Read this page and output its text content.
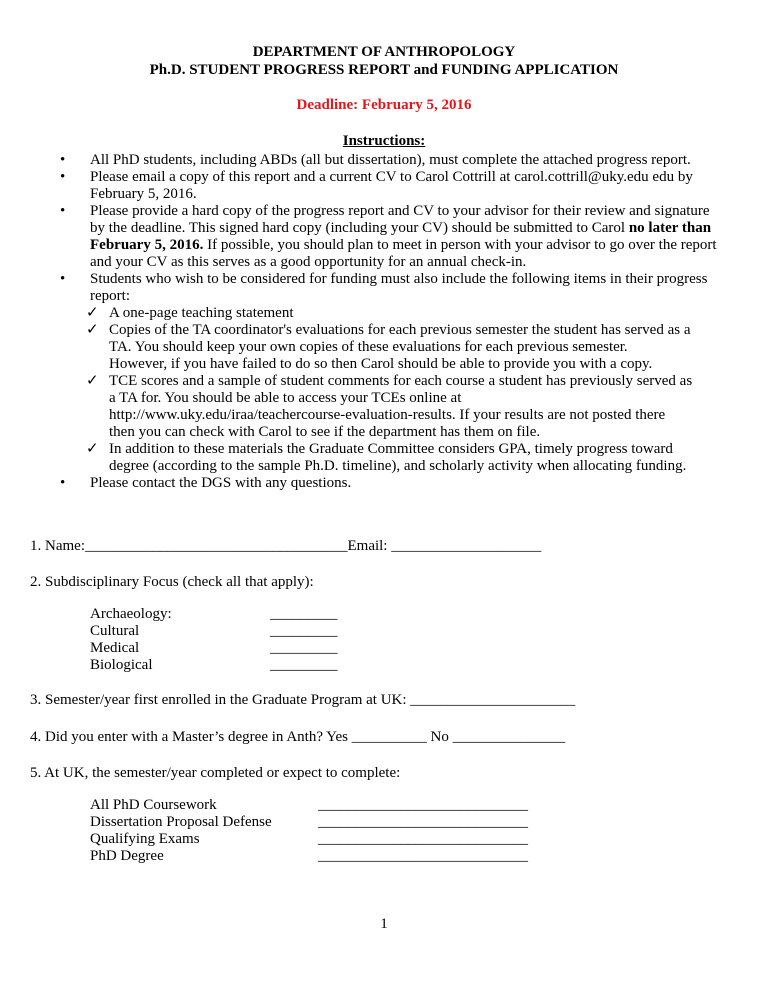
DEPARTMENT OF ANTHROPOLOGY
Ph.D. STUDENT PROGRESS REPORT and FUNDING APPLICATION
Deadline: February 5, 2016
Instructions:
• All PhD students, including ABDs (all but dissertation), must complete the attached progress report.
• Please email a copy of this report and a current CV to Carol Cottrill at carol.cottrill@uky.edu edu by
February 5, 2016.
• Please provide a hard copy of the progress report and CV to your advisor for their review and signature
by the deadline. This signed hard copy (including your CV) should be submitted to Carol no later than
February 5, 2016. If possible, you should plan to meet in person with your advisor to go over the report
and your CV as this serves as a good opportunity for an annual check-in.
• Students who wish to be considered for funding must also include the following items in their progress
report:
✓ A one-page teaching statement
✓ Copies of the TA coordinator's evaluations for each previous semester the student has served as a
TA. You should keep your own copies of these evaluations for each previous semester.
However, if you have failed to do so then Carol should be able to provide you with a copy.
✓ TCE scores and a sample of student comments for each course a student has previously served as
a TA for. You should be able to access your TCEs online at
http://www.uky.edu/iraa/teachercourse-evaluation-results. If your results are not posted there
then you can check with Carol to see if the department has them on file.
✓ In addition to these materials the Graduate Committee considers GPA, timely progress toward
degree (according to the sample Ph.D. timeline), and scholarly activity when allocating funding.
• Please contact the DGS with any questions.
1. Name:___________________________________Email: ____________________
2. Subdisciplinary Focus (check all that apply):
Archaeology:
Cultural
Medical
Biological
_________
_________
_________
_________
3. Semester/year first enrolled in the Graduate Program at UK: ______________________
4. Did you enter with a Master’s degree in Anth? Yes __________ No _______________
5. At UK, the semester/year completed or expect to complete:
All PhD Coursework
Dissertation Proposal Defense
Qualifying Exams
PhD Degree
____________________________
____________________________
____________________________
____________________________
1
